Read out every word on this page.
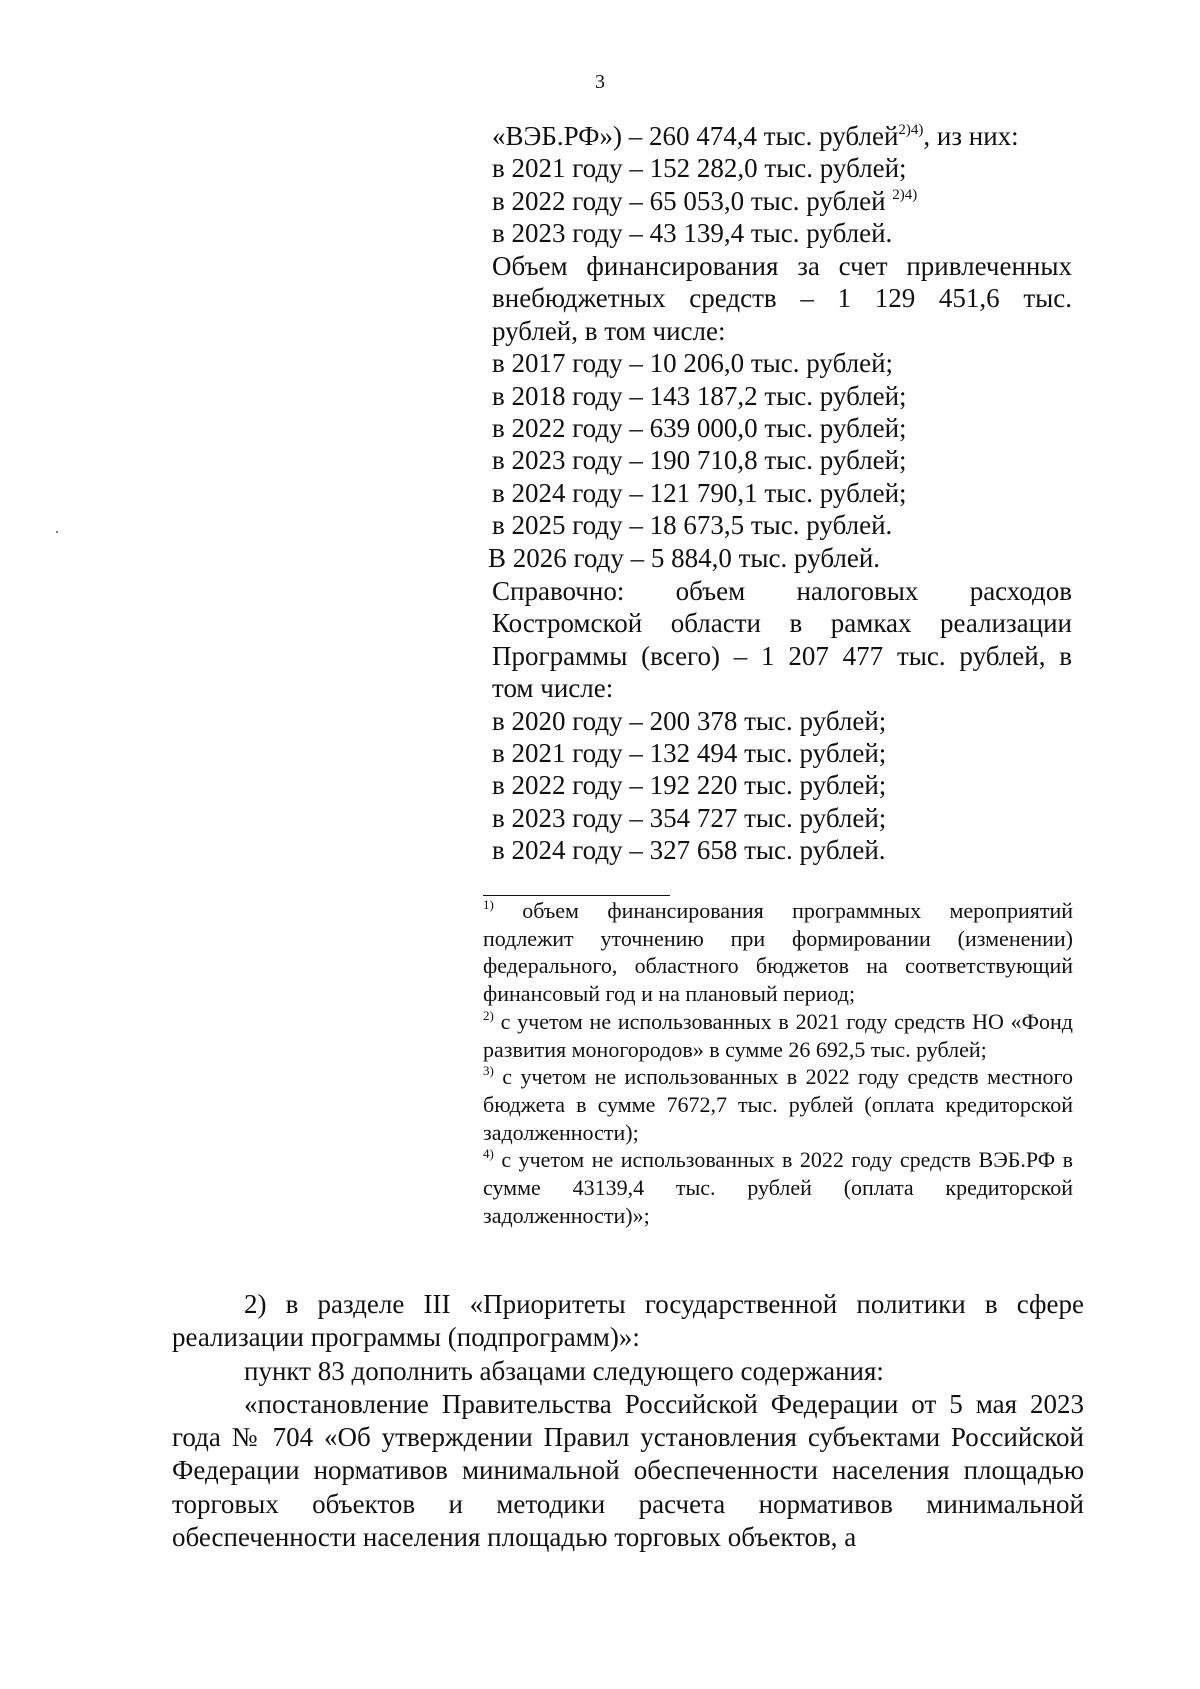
3
«ВЭБ.РФ») – 260 474,4 тыс. рублей$^{2)4)}$, из них:
в 2021 году – 152 282,0 тыс. рублей;
в 2022 году – 65 053,0 тыс. рублей $^{2)4)}$
в 2023 году – 43 139,4 тыс. рублей.
Объем финансирования за счет привлеченных внебюджетных средств – 1 129 451,6 тыс.
рублей, в том числе:
в 2017 году – 10 206,0 тыс. рублей;
в 2018 году – 143 187,2 тыс. рублей;
в 2022 году – 639 000,0 тыс. рублей;
в 2023 году – 190 710,8 тыс. рублей;
в 2024 году – 121 790,1 тыс. рублей;
в 2025 году – 18 673,5 тыс. рублей.
В 2026 году – 5 884,0 тыс. рублей.
Справочно: объем налоговых расходов Костромской области в рамках реализации Программы (всего) – 1 207 477 тыс. рублей, в
том числе:
в 2020 году – 200 378 тыс. рублей;
в 2021 году – 132 494 тыс. рублей;
в 2022 году – 192 220 тыс. рублей;
в 2023 году – 354 727 тыс. рублей;
в 2024 году – 327 658 тыс. рублей.

$^{1)}$ объем финансирования программных мероприятий подлежит уточнению при формировании (изменении) федерального, областного бюджетов на соответствующий финансовый год и на плановый период;

$^{2)}$ с учетом не использованных в 2021 году средств НО «Фонд развития моногородов» в сумме 26 692,5 тыс. рублей;

$^{3)}$ с учетом не использованных в 2022 году средств местного бюджета в сумме 7672,7 тыс. рублей (оплата кредиторской задолженности);

$^{4)}$ с учетом не использованных в 2022 году средств ВЭБ.РФ в сумме 43139,4 тыс. рублей (оплата кредиторской задолженности)»;

2) в разделе III «Приоритеты государственной политики в сфере реализации программы (подпрограмм)»:

пункт 83 дополнить абзацами следующего содержания:

«постановление Правительства Российской Федерации от 5 мая 2023 года № 704 «Об утверждении Правил установления субъектами Российской Федерации нормативов минимальной обеспеченности населения площадью торговых объектов и методики расчета нормативов минимальной обеспеченности населения площадью торговых объектов, а
